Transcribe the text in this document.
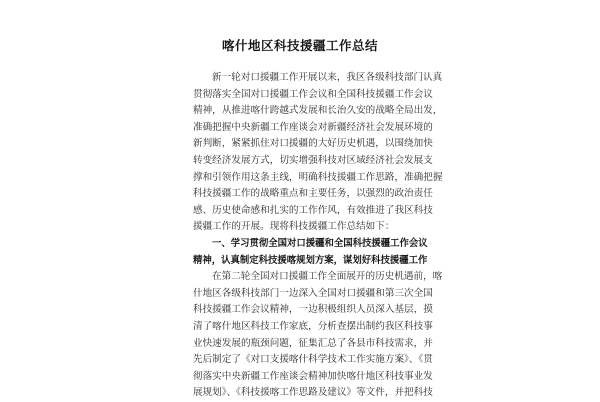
喀什地区科技援疆工作总结
新一轮对口援疆工作开展以来，我区各级科技部门认真
贯彻落实全国对口援疆工作会议和全国科技援疆工作会议
精神，从推进喀什跨越式发展和长治久安的战略全局出发，
准确把握中央新疆工作座谈会对新疆经济社会发展环境的
新判断，紧紧抓住对口援疆的大好历史机遇，以围绕加快
转变经济发展方式，切实增强科技对区域经济社会发展支
撑和引领作用这条主线，明确科技援疆工作思路，准确把握
科技援疆工作的战略重点和主要任务，以强烈的政治责任
感、历史使命感和扎实的工作作风，有效推进了我区科技
援疆工作的开展。现将科技援疆工作总结如下：
一、学习贯彻全国对口援疆和全国科技援疆工作会议
精神，认真制定科技援喀规划方案，谋划好科技援疆工作
在第二轮全国对口援疆工作全面展开的历史机遇前，喀
什地区各级科技部门一边深入全国对口援疆和第三次全国
科技援疆工作会议精神，一边积极组织人员深入基层，摸
清了喀什地区科技工作家底，分析查摆出制约我区科技事
业快速发展的瓶颈问题，征集汇总了各县市科技需求，并
先后制定了《对口支援喀什科学技术工作实施方案》、《贯
彻落实中央新疆工作座谈会精神加快喀什地区科技事业发
展规划》、《科技援喀工作思路及建议》等文件，并把科技
